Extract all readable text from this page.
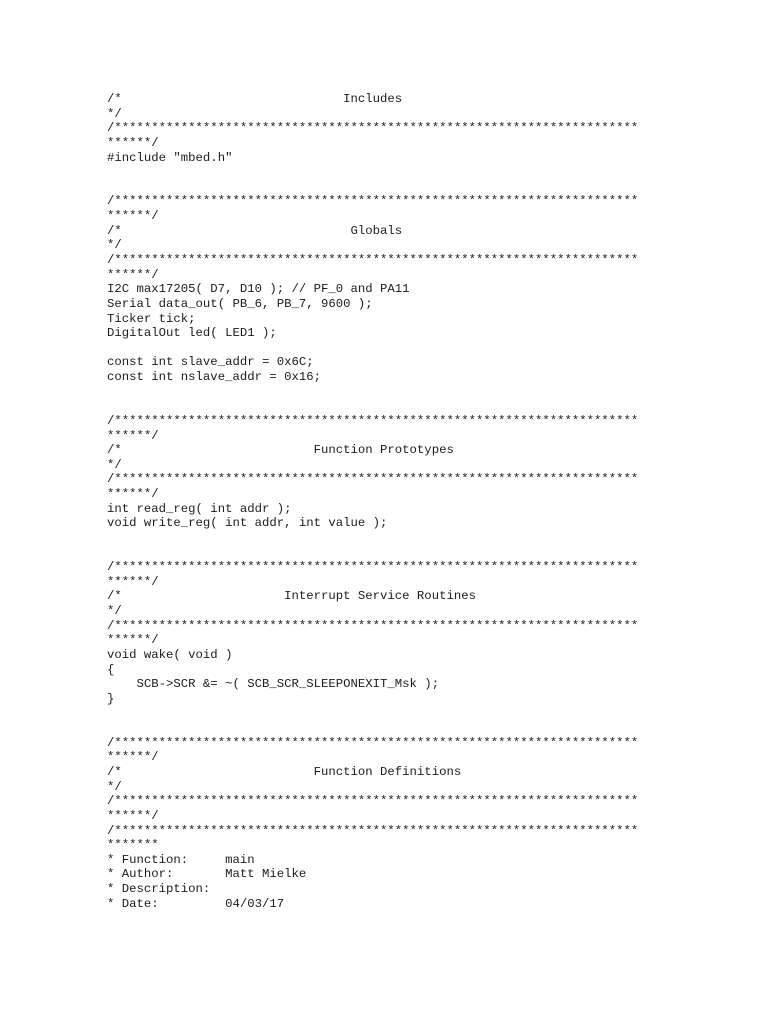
/*                              Includes
*/
/***********************************************************************
******/
#include "mbed.h"
/***********************************************************************
******/
/*                               Globals
*/
/***********************************************************************
******/
I2C max17205( D7, D10 ); // PF_0 and PA11
Serial data_out( PB_6, PB_7, 9600 );
Ticker tick;
DigitalOut led( LED1 );
const int slave_addr = 0x6C;
const int nslave_addr = 0x16;
/***********************************************************************
******/
/*                          Function Prototypes
*/
/***********************************************************************
******/
int read_reg( int addr );
void write_reg( int addr, int value );
/***********************************************************************
******/
/*                      Interrupt Service Routines
*/
/***********************************************************************
******/
void wake( void )
{
SCB->SCR &= ~( SCB_SCR_SLEEPONEXIT_Msk );
}
/***********************************************************************
******/
/*                          Function Definitions
*/
/***********************************************************************
******/
/***********************************************************************
*******
* Function:     main
* Author:       Matt Mielke
* Description:
* Date:         04/03/17
